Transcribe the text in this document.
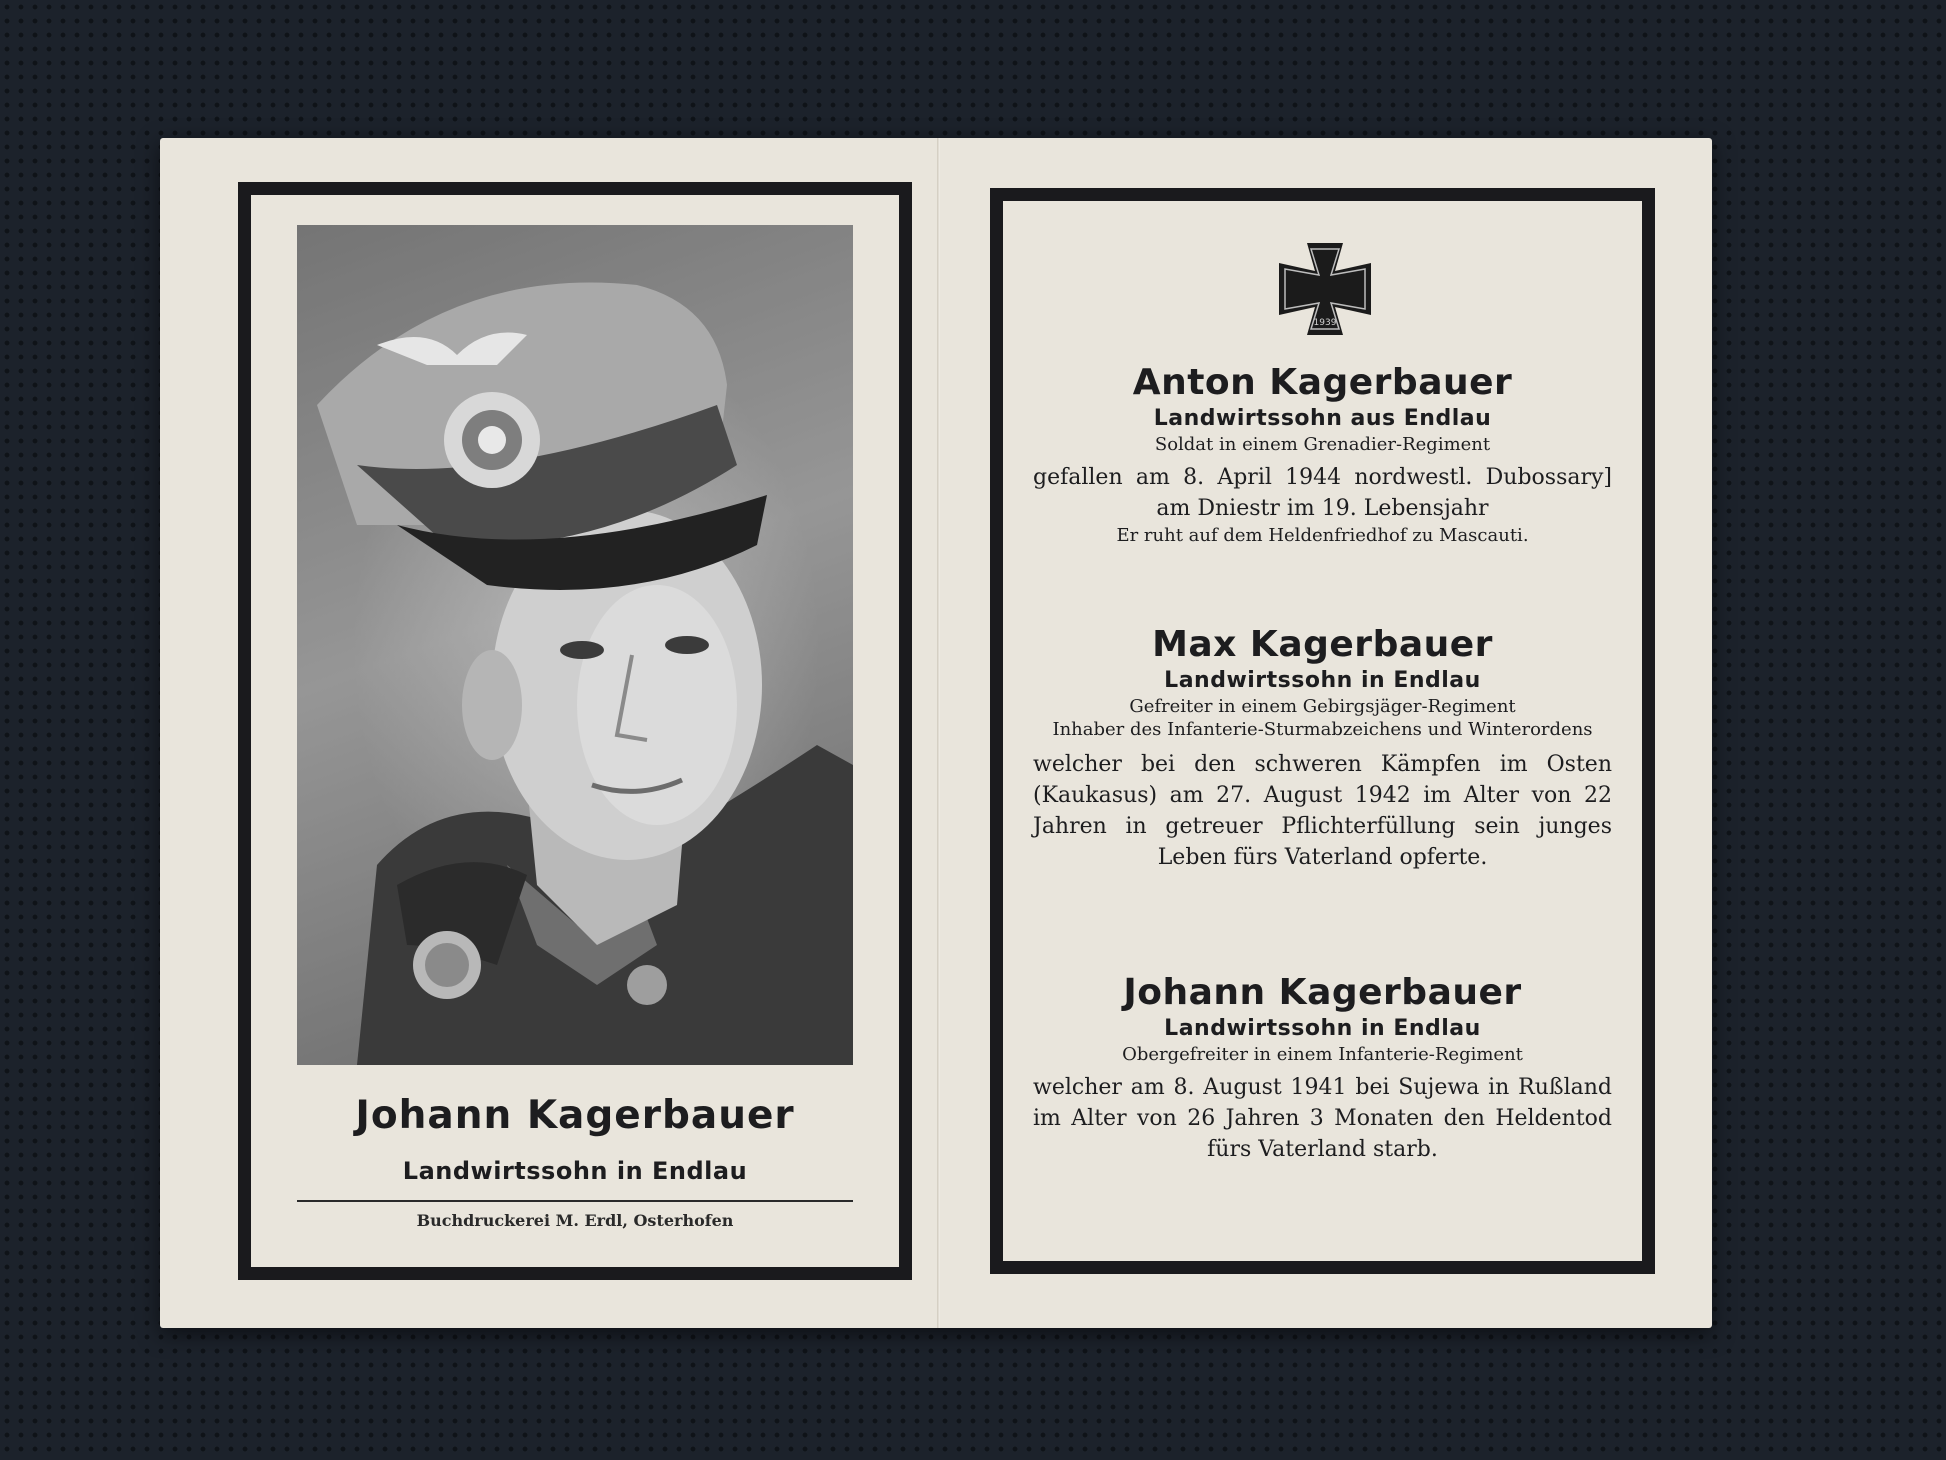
Johann Kagerbauer
Landwirtssohn in Endlau
Buchdruckerei M. Erdl, Osterhofen
1939
Anton Kagerbauer
Landwirtssohn aus Endlau
Soldat in einem Grenadier-Regiment
gefallen am 8. April 1944 nordwestl. Dubossary] am Dniestr im 19. Lebensjahr
Er ruht auf dem Heldenfriedhof zu Mascauti.
Max Kagerbauer
Landwirtssohn in Endlau
Gefreiter in einem Gebirgsjäger-Regiment
Inhaber des Infanterie-Sturmabzeichens und Winterordens
welcher bei den schweren Kämpfen im Osten (Kaukasus) am 27. August 1942 im Alter von 22 Jahren in getreuer Pflichterfüllung sein junges Leben fürs Vaterland opferte.
Johann Kagerbauer
Landwirtssohn in Endlau
Obergefreiter in einem Infanterie-Regiment
welcher am 8. August 1941 bei Sujewa in Rußland im Alter von 26 Jahren 3 Monaten den Heldentod fürs Vaterland starb.
